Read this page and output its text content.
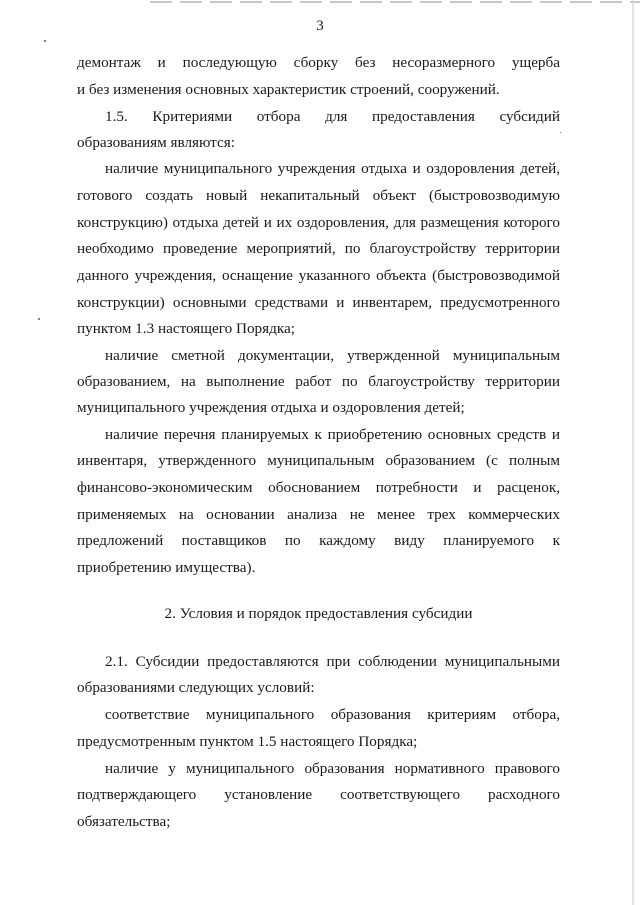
3
демонтаж и последующую сборку без несоразмерного ущерба
и без изменения основных характеристик строений, сооружений.
1.5. Критериями отбора для предоставления субсидий
образованиям являются:
наличие муниципального учреждения отдыха и оздоровления детей,
готового создать новый некапитальный объект (быстровозводимую
конструкцию) отдыха детей и их оздоровления, для размещения которого
необходимо проведение мероприятий, по благоустройству территории
данного учреждения, оснащение указанного объекта (быстровозводимой
конструкции) основными средствами и инвентарем, предусмотренного
пунктом 1.3 настоящего Порядка;
наличие сметной документации, утвержденной муниципальным
образованием, на выполнение работ по благоустройству территории
муниципального учреждения отдыха и оздоровления детей;
наличие перечня планируемых к приобретению основных средств и
инвентаря, утвержденного муниципальным образованием (с полным
финансово-экономическим обоснованием потребности и расценок,
применяемых на основании анализа не менее трех коммерческих
предложений поставщиков по каждому виду планируемого к
приобретению имущества).
2. Условия и порядок предоставления субсидии
2.1. Субсидии предоставляются при соблюдении муниципальными
образованиями следующих условий:
соответствие муниципального образования критериям отбора,
предусмотренным пунктом 1.5 настоящего Порядка;
наличие у муниципального образования нормативного правового
подтверждающего установление соответствующего расходного
обязательства;
